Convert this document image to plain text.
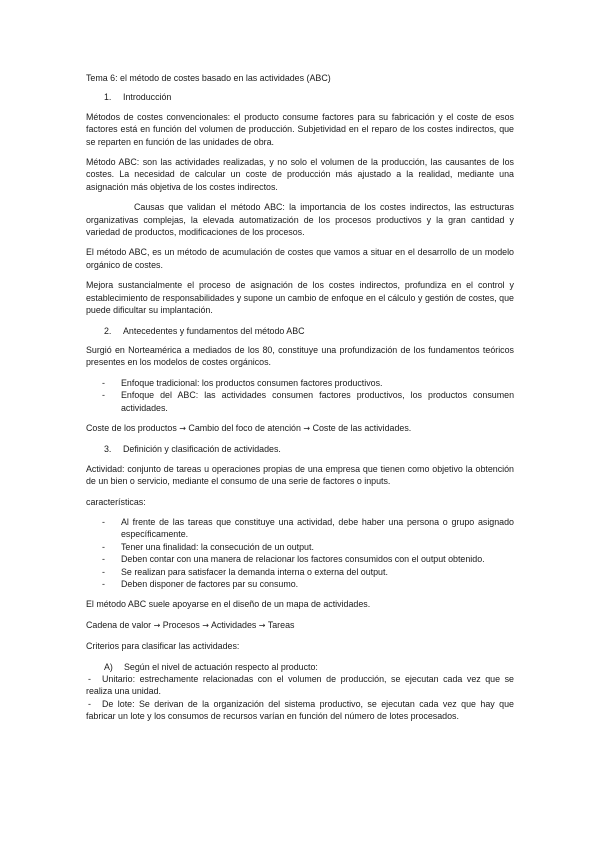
Tema 6: el método de costes basado en las actividades (ABC)

1.	Introducción

Métodos de costes convencionales: el producto consume factores para su fabricación y el coste de esos factores está en función del volumen de producción. Subjetividad en el reparo de los costes indirectos, que se reparten en función de las unidades de obra.

Método ABC: son las actividades realizadas, y no solo el volumen de la producción, las causantes de los costes. La necesidad de calcular un coste de producción más ajustado a la realidad, mediante una asignación más objetiva de los costes indirectos.

Causas que validan el método ABC: la importancia de los costes indirectos, las estructuras organizativas complejas, la elevada automatización de los procesos productivos y la gran cantidad y variedad de productos, modificaciones de los procesos.

El método ABC, es un método de acumulación de costes que vamos a situar en el desarrollo de un modelo orgánico de costes.

Mejora sustancialmente el proceso de asignación de los costes indirectos, profundiza en el control y establecimiento de responsabilidades y supone un cambio de enfoque en el cálculo y gestión de costes, que puede dificultar su implantación.

2.	Antecedentes y fundamentos del método ABC

Surgió en Norteamérica a mediados de los 80, constituye una profundización de los fundamentos teóricos presentes en los modelos de costes orgánicos.

-	Enfoque tradicional: los productos consumen factores productivos.
-	Enfoque del ABC: las actividades consumen factores productivos, los productos consumen actividades.

Coste de los productos → Cambio del foco de atención → Coste de las actividades.

3.	Definición y clasificación de actividades.

Actividad: conjunto de tareas u operaciones propias de una empresa que tienen como objetivo la obtención de un bien o servicio, mediante el consumo de una serie de factores o inputs.

características:

-	Al frente de las tareas que constituye una actividad, debe haber una persona o grupo asignado específicamente.
-	Tener una finalidad: la consecución de un output.
-	Deben contar con una manera de relacionar los factores consumidos con el output obtenido.
-	Se realizan para satisfacer la demanda interna o externa del output.
-	Deben disponer de factores par su consumo.

El método ABC suele apoyarse en el diseño de un mapa de actividades.

Cadena de valor → Procesos → Actividades → Tareas

Criterios para clasificar las actividades:

A)	Según el nivel de actuación respecto al producto:

- Unitario: estrechamente relacionadas con el volumen de producción, se ejecutan cada vez que se realiza una unidad.

- De lote: Se derivan de la organización del sistema productivo, se ejecutan cada vez que hay que fabricar un lote y los consumos de recursos varían en función del número de lotes procesados.
